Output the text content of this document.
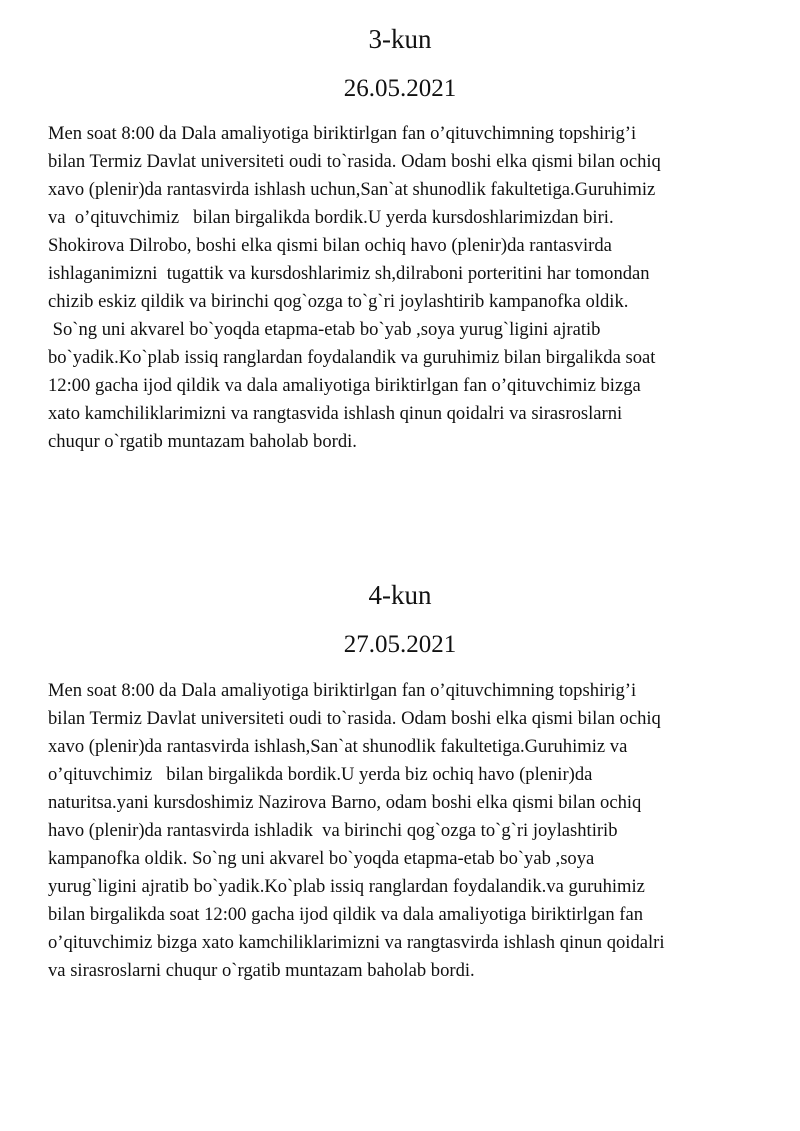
3-kun
26.05.2021
Men soat 8:00 da Dala amaliyotiga biriktirlgan fan o’qituvchimning topshirig’i
bilan Termiz Davlat universiteti oudi to`rasida. Odam boshi elka qismi bilan ochiq
xavo (plenir)da rantasvirda ishlash uchun,San`at shunodlik fakultetiga.Guruhimiz
va  o’qituvchimiz   bilan birgalikda bordik.U yerda kursdoshlarimizdan biri.
Shokirova Dilrobo, boshi elka qismi bilan ochiq havo (plenir)da rantasvirda
ishlaganimizni  tugattik va kursdoshlarimiz sh,dilraboni porteritini har tomondan
chizib eskiz qildik va birinchi qog`ozga to`g`ri joylashtirib kampanofka oldik.
So`ng uni akvarel bo`yoqda etapma-etab bo`yab ,soya yurug`ligini ajratib
bo`yadik.Ko`plab issiq ranglardan foydalandik va guruhimiz bilan birgalikda soat
12:00 gacha ijod qildik va dala amaliyotiga biriktirlgan fan o’qituvchimiz bizga
xato kamchiliklarimizni va rangtasvida ishlash qinun qoidalri va sirasroslarni
chuqur o`rgatib muntazam baholab bordi.
4-kun
27.05.2021
Men soat 8:00 da Dala amaliyotiga biriktirlgan fan o’qituvchimning topshirig’i
bilan Termiz Davlat universiteti oudi to`rasida. Odam boshi elka qismi bilan ochiq
xavo (plenir)da rantasvirda ishlash,San`at shunodlik fakultetiga.Guruhimiz va
o’qituvchimiz   bilan birgalikda bordik.U yerda biz ochiq havo (plenir)da
naturitsa.yani kursdoshimiz Nazirova Barno, odam boshi elka qismi bilan ochiq
havo (plenir)da rantasvirda ishladik  va birinchi qog`ozga to`g`ri joylashtirib
kampanofka oldik. So`ng uni akvarel bo`yoqda etapma-etab bo`yab ,soya
yurug`ligini ajratib bo`yadik.Ko`plab issiq ranglardan foydalandik.va guruhimiz
bilan birgalikda soat 12:00 gacha ijod qildik va dala amaliyotiga biriktirlgan fan
o’qituvchimiz bizga xato kamchiliklarimizni va rangtasvirda ishlash qinun qoidalri
va sirasroslarni chuqur o`rgatib muntazam baholab bordi.
